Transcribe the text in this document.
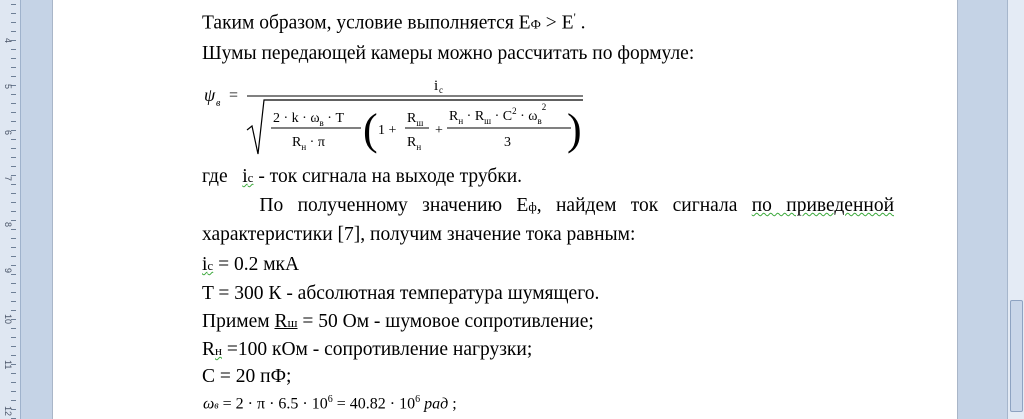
4
5
6
7
8
9
10
11
12
Таким образом, условие выполняется EФ > E' .
Шумы передающей камеры можно рассчитать по формуле:
ψ в =
i c
$2 \cdot k \cdot \omega_в \cdot T$
$R_н \cdot \pi$ (	)
1 +
$R_ш$
$R_н$
+
$R_н \cdot R_ш \cdot C^2 \cdot \omega_в^2$
3
где ic - ток сигнала на выходе трубки.
По полученному значению Eф, найдем ток сигнала по приведенной
характеристики [7], получим значение тока равным:
ic = 0.2 мкА
T = 300 К - абсолютная температура шумящего.
Примем Rш = 50 Ом - шумовое сопротивление;
Rн =100 кОм - сопротивление нагрузки;
C = 20 пФ;
$\omega в = 2 \cdot \pi \cdot 6.5 \cdot 10^6 = 40.82 \cdot 10^6$ рад ;
